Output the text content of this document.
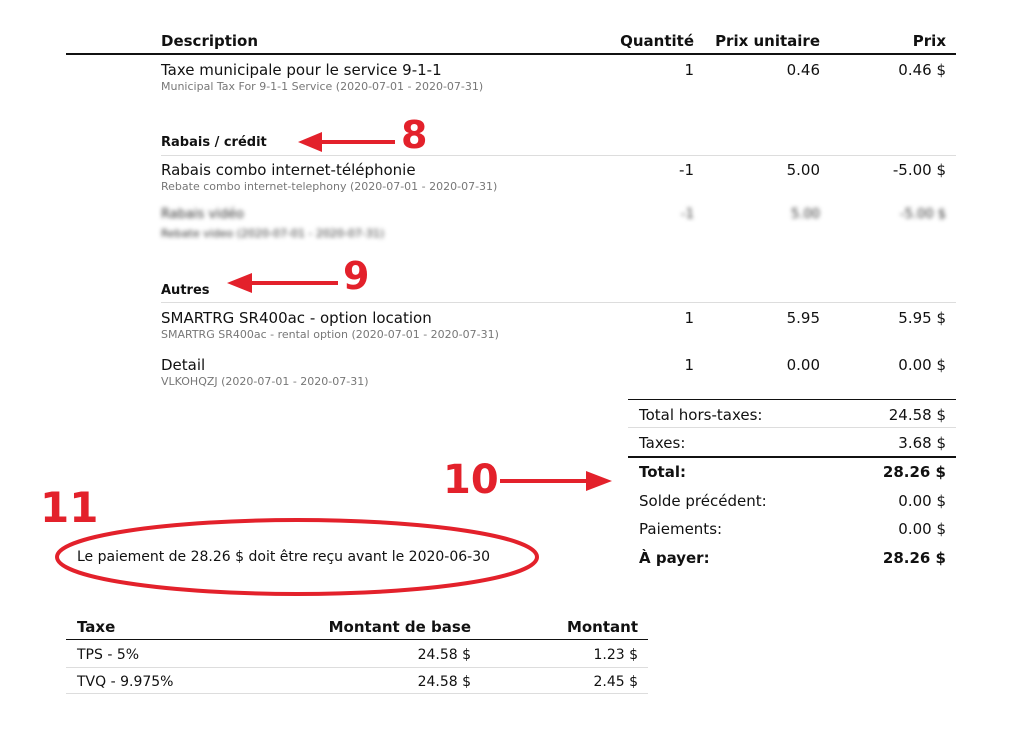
Description	Quantité	Prix unitaire	Prix
Taxe municipale pour le service 9-1-1
Municipal Tax For 9-1-1 Service (2020-07-01 - 2020-07-31)
1	0.46	0.46 $
Rabais / crédit
Rabais combo internet-téléphonie
Rebate combo internet-telephony (2020-07-01 - 2020-07-31)
-1	5.00	-5.00 $
Rabais vidéo
Rebate video (2020-07-01 - 2020-07-31)
-1	5.00	-5.00 $
Autres
SMARTRG SR400ac - option location
SMARTRG SR400ac - rental option (2020-07-01 - 2020-07-31)
1	5.95	5.95 $
Detail
VLKOHQZJ (2020-07-01 - 2020-07-31)
1	0.00	0.00 $
Total hors-taxes:	24.58 $
Taxes:	3.68 $
Total:	28.26 $
Solde précédent:	0.00 $
Paiements:	0.00 $
À payer:	28.26 $
Le paiement de 28.26 $ doit être reçu avant le 2020-06-30
Taxe	Montant de base	Montant
TPS - 5%	24.58 $	1.23 $
TVQ - 9.975%	24.58 $	2.45 $
8
9
10
11
